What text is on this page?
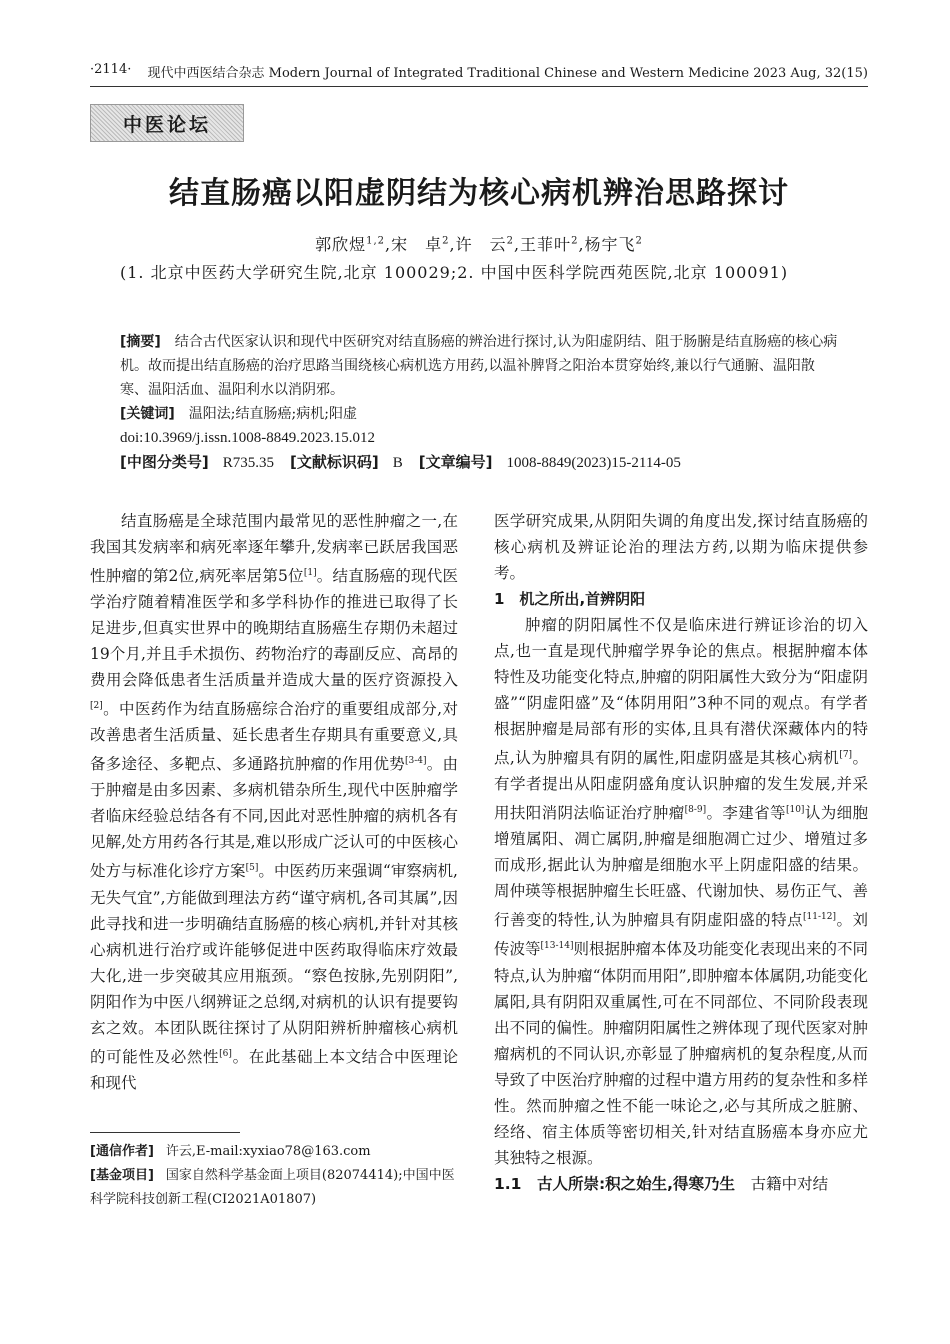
·2114· 现代中西医结合杂志 Modern Journal of Integrated Traditional Chinese and Western Medicine 2023 Aug, 32(15)
中医论坛
结直肠癌以阳虚阴结为核心病机辨治思路探讨
郭欣煜$^{1,2}$,宋　卓$^2$,许　云$^2$,王菲叶$^2$,杨宇飞$^2$
(1. 北京中医药大学研究生院,北京 100029;2. 中国中医科学院西苑医院,北京 100091)

[摘要] 结合古代医家认识和现代中医研究对结直肠癌的辨治进行探讨,认为阳虚阴结、阻于肠腑是结直肠癌的核心病机。故而提出结直肠癌的治疗思路当围绕核心病机选方用药,以温补脾肾之阳治本贯穿始终,兼以行气通腑、温阳散寒、温阳活血、温阳利水以消阴邪。

[关键词] 温阳法;结直肠癌;病机;阳虚

doi:10.3969/j.issn.1008-8849.2023.15.012

[中图分类号] R735.35 [文献标识码] B [文章编号] 1008-8849(2023)15-2114-05

结直肠癌是全球范围内最常见的恶性肿瘤之一,在我国其发病率和病死率逐年攀升,发病率已跃居我国恶性肿瘤的第2位,病死率居第5位[1]。结直肠癌的现代医学治疗随着精准医学和多学科协作的推进已取得了长足进步,但真实世界中的晚期结直肠癌生存期仍未超过19个月,并且手术损伤、药物治疗的毒副反应、高昂的费用会降低患者生活质量并造成大量的医疗资源投入[2]。中医药作为结直肠癌综合治疗的重要组成部分,对改善患者生活质量、延长患者生存期具有重要意义,具备多途径、多靶点、多通路抗肿瘤的作用优势[3-4]。由于肿瘤是由多因素、多病机错杂所生,现代中医肿瘤学者临床经验总结各有不同,因此对恶性肿瘤的病机各有见解,处方用药各行其是,难以形成广泛认可的中医核心处方与标准化诊疗方案[5]。中医药历来强调“审察病机,无失气宜”,方能做到理法方药“谨守病机,各司其属”,因此寻找和进一步明确结直肠癌的核心病机,并针对其核心病机进行治疗或许能够促进中医药取得临床疗效最大化,进一步突破其应用瓶颈。“察色按脉,先别阴阳”,阴阳作为中医八纲辨证之总纲,对病机的认识有提要钩玄之效。本团队既往探讨了从阴阳辨析肿瘤核心病机的可能性及必然性[6]。在此基础上本文结合中医理论和现代

医学研究成果,从阴阳失调的角度出发,探讨结直肠癌的核心病机及辨证论治的理法方药,以期为临床提供参考。

1　机之所出,首辨阴阳

肿瘤的阴阳属性不仅是临床进行辨证诊治的切入点,也一直是现代肿瘤学界争论的焦点。根据肿瘤本体特性及功能变化特点,肿瘤的阴阳属性大致分为“阳虚阴盛”“阴虚阳盛”及“体阴用阳”3种不同的观点。有学者根据肿瘤是局部有形的实体,且具有潜伏深藏体内的特点,认为肿瘤具有阴的属性,阳虚阴盛是其核心病机[7]。有学者提出从阳虚阴盛角度认识肿瘤的发生发展,并采用扶阳消阴法临证治疗肿瘤[8-9]。李建省等[10]认为细胞增殖属阳、凋亡属阴,肿瘤是细胞凋亡过少、增殖过多而成形,据此认为肿瘤是细胞水平上阴虚阳盛的结果。周仲瑛等根据肿瘤生长旺盛、代谢加快、易伤正气、善行善变的特性,认为肿瘤具有阴虚阳盛的特点[11-12]。刘传波等[13-14]则根据肿瘤本体及功能变化表现出来的不同特点,认为肿瘤“体阴而用阳”,即肿瘤本体属阴,功能变化属阳,具有阴阳双重属性,可在不同部位、不同阶段表现出不同的偏性。肿瘤阴阳属性之辨体现了现代医家对肿瘤病机的不同认识,亦彰显了肿瘤病机的复杂程度,从而导致了中医治疗肿瘤的过程中遣方用药的复杂性和多样性。然而肿瘤之性不能一味论之,必与其所成之脏腑、经络、宿主体质等密切相关,针对结直肠癌本身亦应尤其独特之根源。

1.1　古人所崇:积之始生,得寒乃生　 古籍中对结

[通信作者] 许云,E-mail:xyxiao78@163.com

[基金项目] 国家自然科学基金面上项目(82074414);中国中医科学院科技创新工程(CI2021A01807)
